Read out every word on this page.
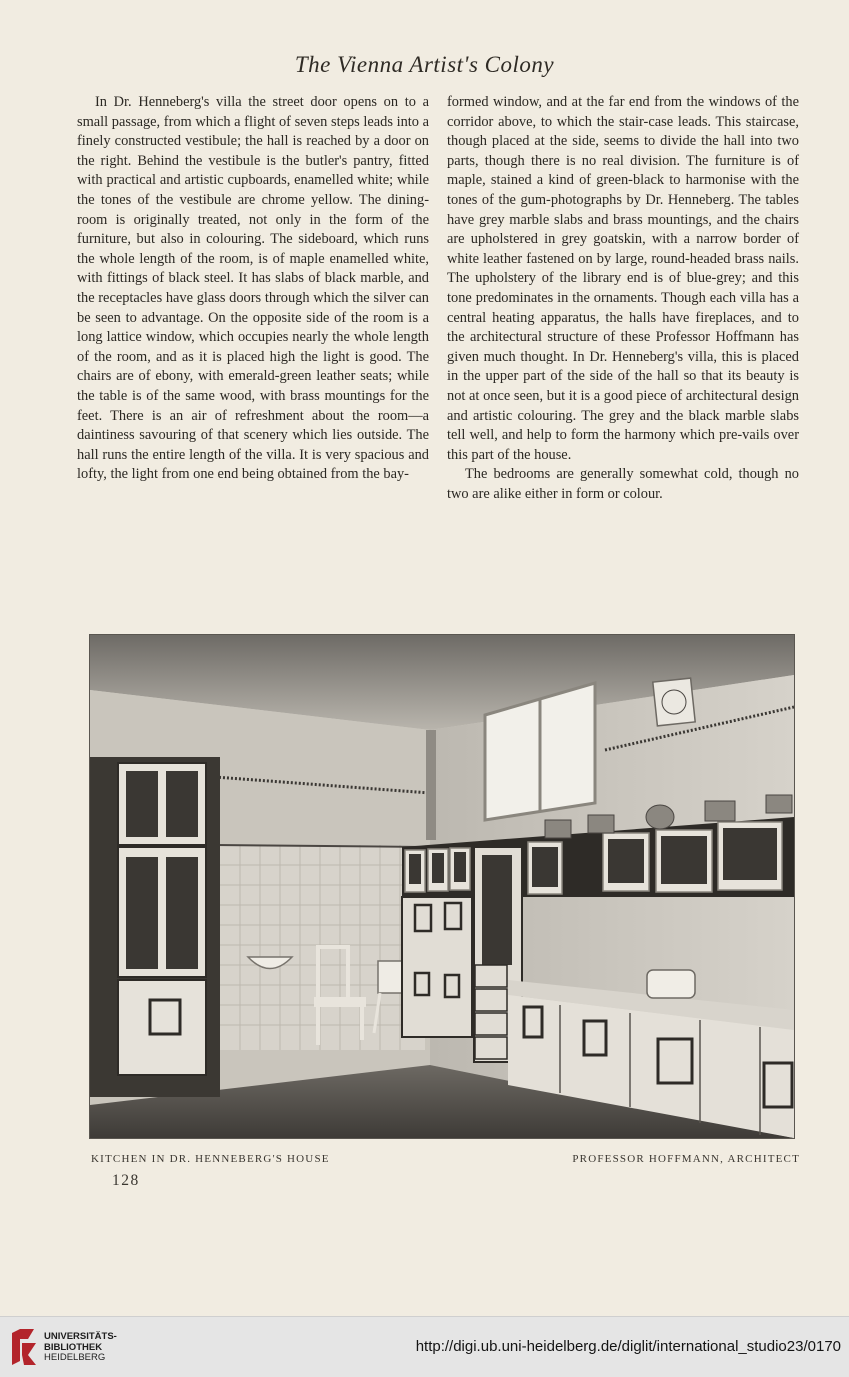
The Vienna Artist's Colony

In Dr. Henneberg's villa the street door opens on to a small passage, from which a flight of seven steps leads into a finely constructed vestibule; the hall is reached by a door on the right. Behind the vestibule is the butler's pantry, fitted with practical and artistic cupboards, enamelled white; while the tones of the vestibule are chrome yellow. The dining-room is originally treated, not only in the form of the furniture, but also in colouring. The sideboard, which runs the whole length of the room, is of maple enamelled white, with fittings of black steel. It has slabs of black marble, and the receptacles have glass doors through which the silver can be seen to advantage. On the opposite side of the room is a long lattice window, which occupies nearly the whole length of the room, and as it is placed high the light is good. The chairs are of ebony, with emerald-green leather seats; while the table is of the same wood, with brass mountings for the feet. There is an air of refreshment about the room—a daintiness savouring of that scenery which lies outside. The hall runs the entire length of the villa. It is very spacious and lofty, the light from one end being obtained from the bay-

formed window, and at the far end from the windows of the corridor above, to which the stair-case leads. This staircase, though placed at the side, seems to divide the hall into two parts, though there is no real division. The furniture is of maple, stained a kind of green-black to harmonise with the tones of the gum-photographs by Dr. Henneberg. The tables have grey marble slabs and brass mountings, and the chairs are upholstered in grey goatskin, with a narrow border of white leather fastened on by large, round-headed brass nails. The upholstery of the library end is of blue-grey; and this tone predominates in the ornaments. Though each villa has a central heating apparatus, the halls have fireplaces, and to the architectural structure of these Professor Hoffmann has given much thought. In Dr. Henneberg's villa, this is placed in the upper part of the side of the hall so that its beauty is not at once seen, but it is a good piece of architectural design and artistic colouring. The grey and the black marble slabs tell well, and help to form the harmony which pre-vails over this part of the house.

The bedrooms are generally somewhat cold, though no two are alike either in form or colour.

KITCHEN IN DR. HENNEBERG'S HOUSE	PROFESSOR HOFFMANN, ARCHITECT
128
UNIVERSITÄTS-
BIBLIOTHEK
HEIDELBERG
http://digi.ub.uni-heidelberg.de/diglit/international_studio23/0170
